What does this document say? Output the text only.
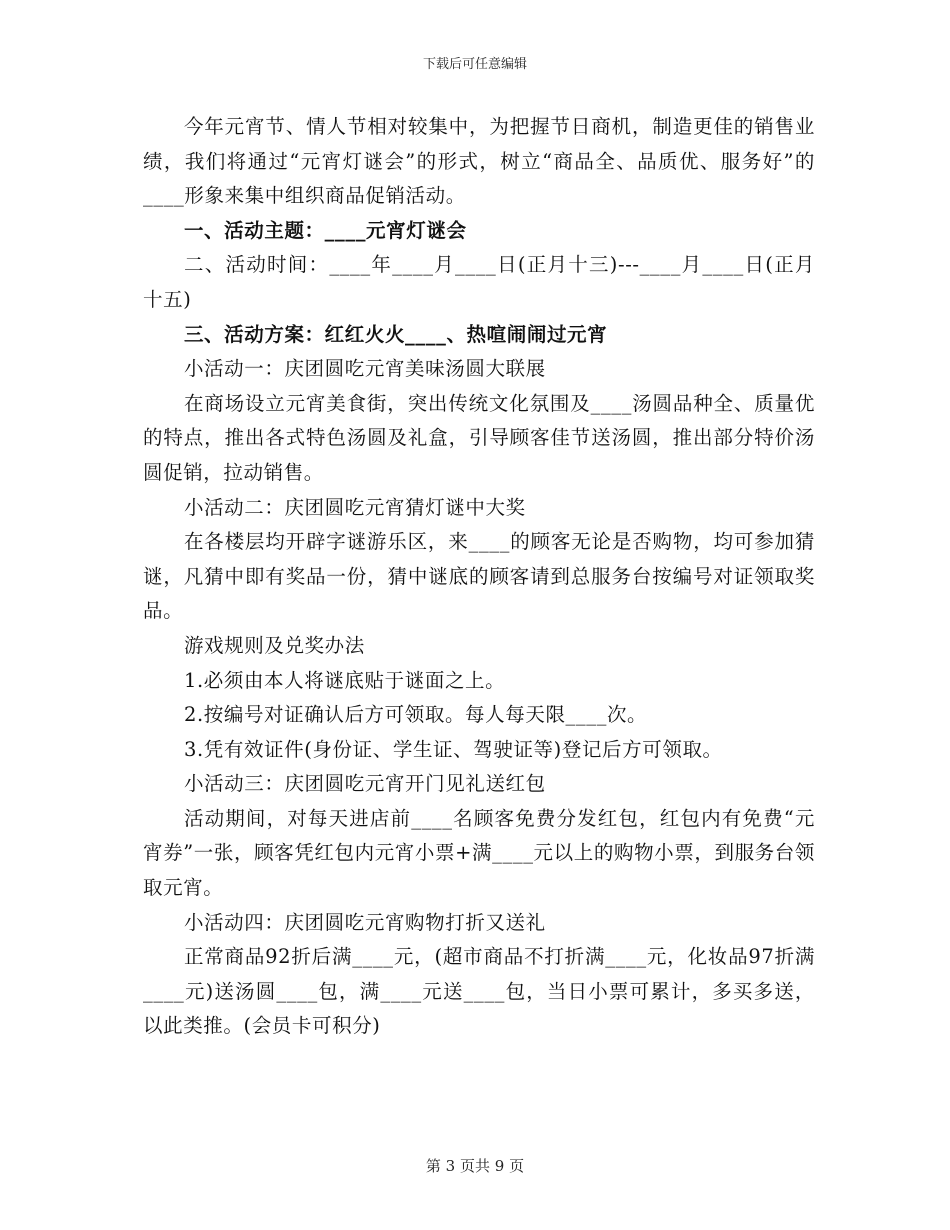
下载后可任意编辑

今年元宵节、情人节相对较集中，为把握节日商机，制造更佳的销售业绩，我们将通过“元宵灯谜会”的形式，树立“商品全、品质优、服务好”的____形象来集中组织商品促销活动。

一、活动主题：____元宵灯谜会

二、活动时间：____年____月____日(正月十三)---____月____日(正月十五)

三、活动方案：红红火火____、热喧闹闹过元宵

小活动一：庆团圆吃元宵美味汤圆大联展

在商场设立元宵美食街，突出传统文化氛围及____汤圆品种全、质量优的特点，推出各式特色汤圆及礼盒，引导顾客佳节送汤圆，推出部分特价汤圆促销，拉动销售。

小活动二：庆团圆吃元宵猜灯谜中大奖

在各楼层均开辟字谜游乐区，来____的顾客无论是否购物，均可参加猜谜，凡猜中即有奖品一份，猜中谜底的顾客请到总服务台按编号对证领取奖品。

游戏规则及兑奖办法

1.必须由本人将谜底贴于谜面之上。

2.按编号对证确认后方可领取。每人每天限____次。

3.凭有效证件(身份证、学生证、驾驶证等)登记后方可领取。

小活动三：庆团圆吃元宵开门见礼送红包

活动期间，对每天进店前____名顾客免费分发红包，红包内有免费“元宵券”一张，顾客凭红包内元宵小票+满____元以上的购物小票，到服务台领取元宵。

小活动四：庆团圆吃元宵购物打折又送礼

正常商品92折后满____元，(超市商品不打折满____元，化妆品97折满____元)送汤圆____包，满____元送____包，当日小票可累计，多买多送，以此类推。(会员卡可积分)

第 3 页共 9 页
